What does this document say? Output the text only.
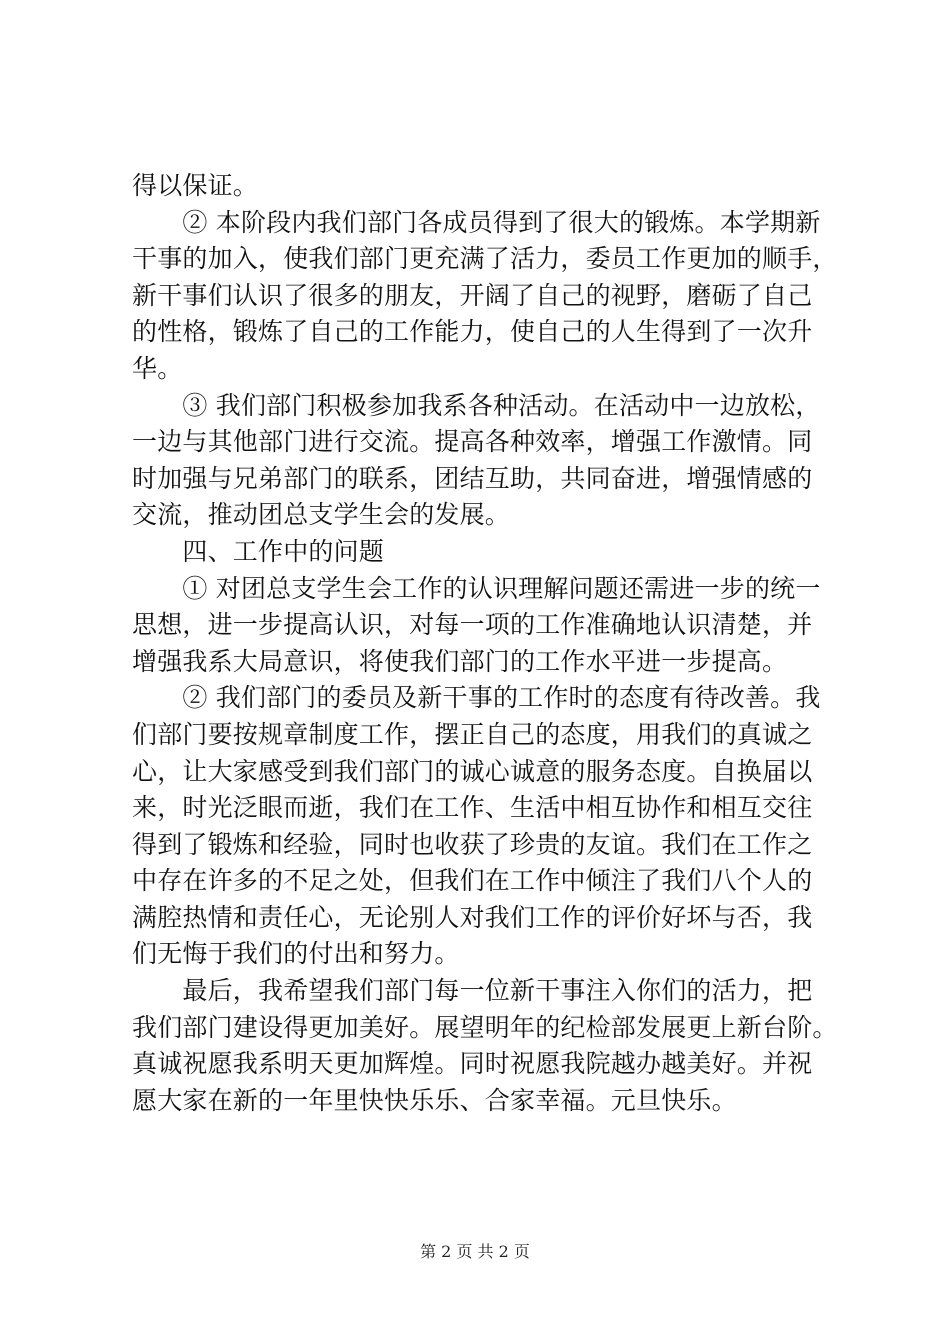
得以保证。
　　② 本阶段内我们部门各成员得到了很大的锻炼。本学期新
干事的加入，使我们部门更充满了活力，委员工作更加的顺手，
新干事们认识了很多的朋友，开阔了自己的视野，磨砺了自己
的性格，锻炼了自己的工作能力，使自己的人生得到了一次升
华。
　　③ 我们部门积极参加我系各种活动。在活动中一边放松，
一边与其他部门进行交流。提高各种效率，增强工作激情。同
时加强与兄弟部门的联系，团结互助，共同奋进，增强情感的
交流，推动团总支学生会的发展。
　　四、工作中的问题
　　① 对团总支学生会工作的认识理解问题还需进一步的统一
思想，进一步提高认识，对每一项的工作准确地认识清楚，并
增强我系大局意识，将使我们部门的工作水平进一步提高。
　　② 我们部门的委员及新干事的工作时的态度有待改善。我
们部门要按规章制度工作，摆正自己的态度，用我们的真诚之
心，让大家感受到我们部门的诚心诚意的服务态度。自换届以
来，时光泛眼而逝，我们在工作、生活中相互协作和相互交往
得到了锻炼和经验，同时也收获了珍贵的友谊。我们在工作之
中存在许多的不足之处，但我们在工作中倾注了我们八个人的
满腔热情和责任心，无论别人对我们工作的评价好坏与否，我
们无悔于我们的付出和努力。
　　最后，我希望我们部门每一位新干事注入你们的活力，把
我们部门建设得更加美好。展望明年的纪检部发展更上新台阶。
真诚祝愿我系明天更加辉煌。同时祝愿我院越办越美好。并祝
愿大家在新的一年里快快乐乐、合家幸福。元旦快乐。
第 2 页 共 2 页
